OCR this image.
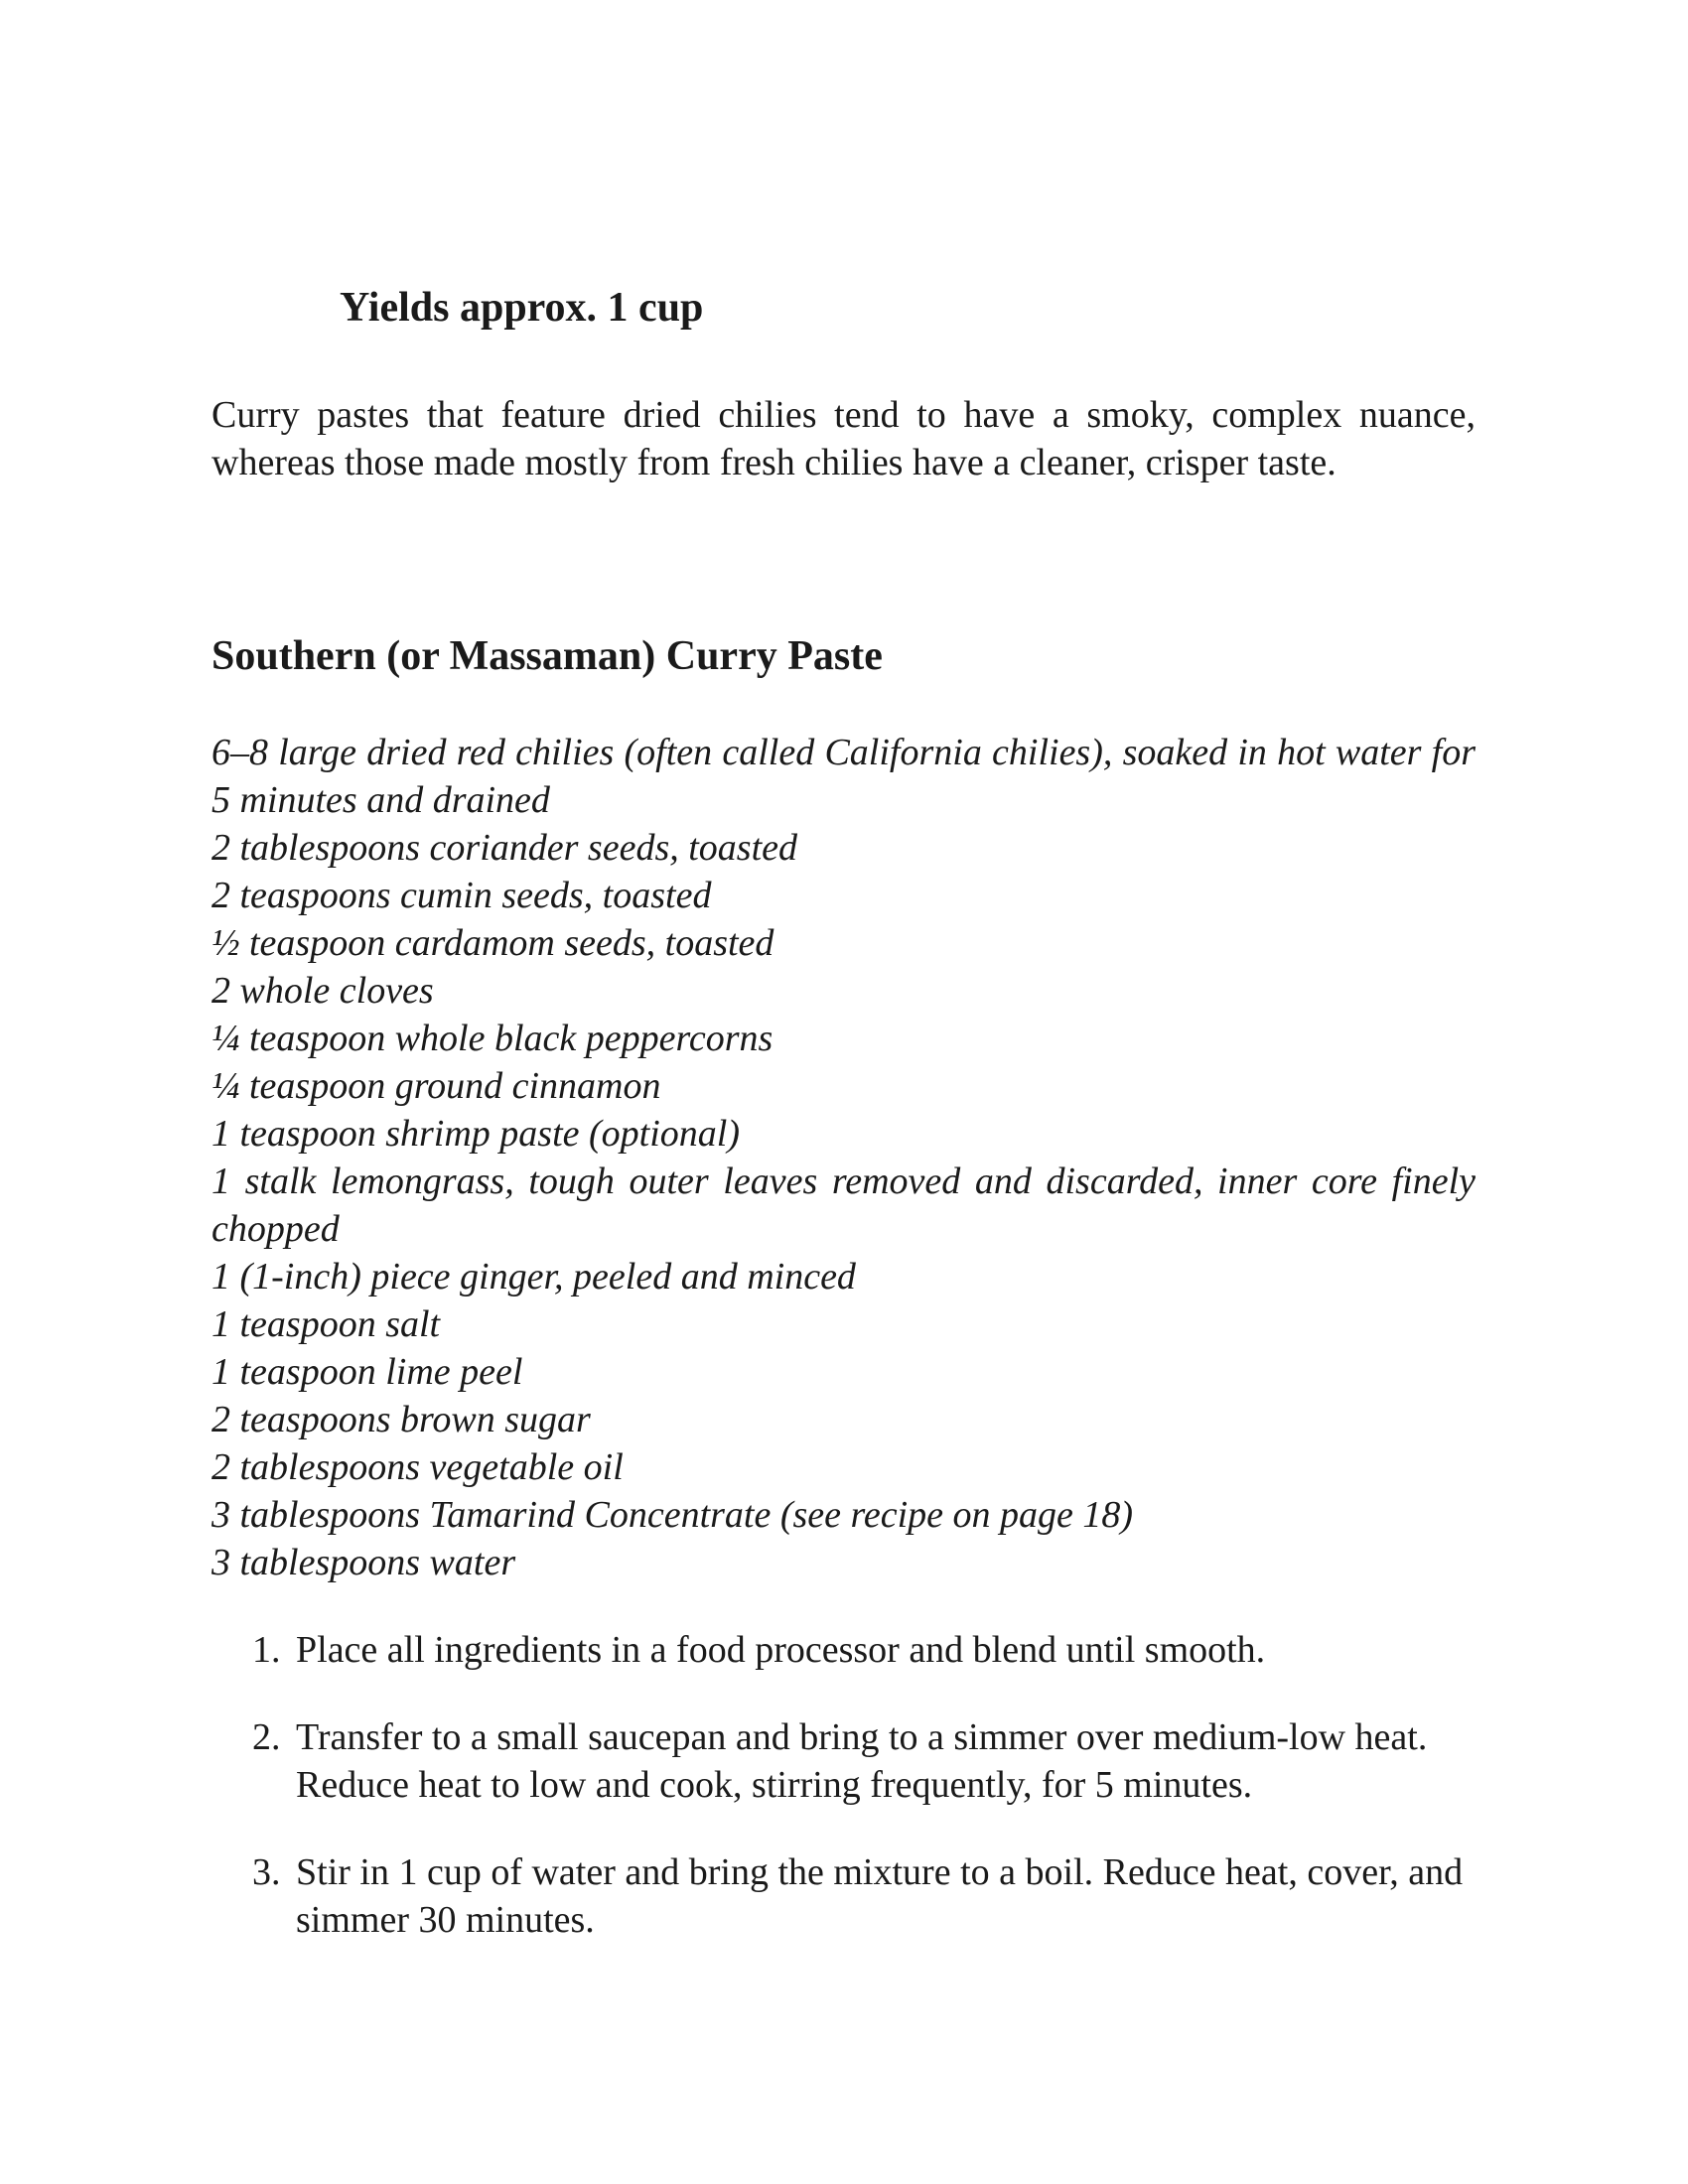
Yields approx. 1 cup

Curry pastes that feature dried chilies tend to have a smoky, complex nuance, whereas those made mostly from fresh chilies have a cleaner, crisper taste.

Southern (or Massaman) Curry Paste
6–8 large dried red chilies (often called California chilies), soaked in hot water for 5 minutes and drained
2 tablespoons coriander seeds, toasted
2 teaspoons cumin seeds, toasted
½ teaspoon cardamom seeds, toasted
2 whole cloves
¼ teaspoon whole black peppercorns
¼ teaspoon ground cinnamon
1 teaspoon shrimp paste (optional)
1 stalk lemongrass, tough outer leaves removed and discarded, inner core finely chopped
1 (1-inch) piece ginger, peeled and minced
1 teaspoon salt
1 teaspoon lime peel
2 teaspoons brown sugar
2 tablespoons vegetable oil
3 tablespoons Tamarind Concentrate (see recipe on page 18)
3 tablespoons water
1. Place all ingredients in a food processor and blend until smooth.
2. Transfer to a small saucepan and bring to a simmer over medium-low heat. Reduce heat to low and cook, stirring frequently, for 5 minutes.
3. Stir in 1 cup of water and bring the mixture to a boil. Reduce heat, cover, and simmer 30 minutes.
